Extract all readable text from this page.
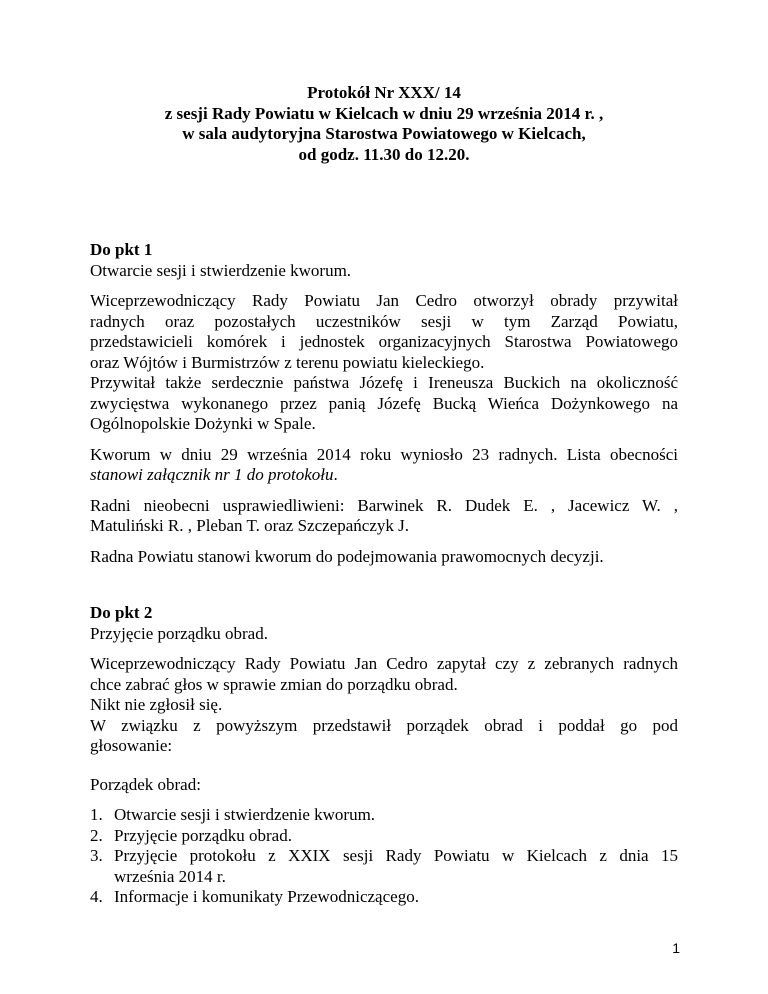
Protokół Nr XXX/ 14
z sesji Rady Powiatu w Kielcach w dniu 29 września 2014 r. ,
w sala audytoryjna Starostwa Powiatowego w Kielcach,
od godz. 11.30 do 12.20.
Do pkt 1
Otwarcie sesji i stwierdzenie kworum.

Wiceprzewodniczący Rady Powiatu Jan Cedro otworzył obrady przywitał
radnych oraz pozostałych uczestników sesji w tym Zarząd Powiatu,
przedstawicieli komórek i jednostek organizacyjnych Starostwa Powiatowego
oraz Wójtów i Burmistrzów z terenu powiatu kieleckiego.
Przywitał także serdecznie państwa Józefę i Ireneusza Buckich na okoliczność
zwycięstwa wykonanego przez panią Józefę Bucką Wieńca Dożynkowego na
Ogólnopolskie Dożynki w Spale.

Kworum w dniu 29 września 2014 roku wyniosło 23 radnych. Lista obecności
stanowi załącznik nr 1 do protokołu.

Radni nieobecni usprawiedliwieni: Barwinek R. Dudek E. , Jacewicz W. ,
Matuliński R. , Pleban T. oraz Szczepańczyk J.

Radna Powiatu stanowi kworum do podejmowania prawomocnych decyzji.

Do pkt 2
Przyjęcie porządku obrad.

Wiceprzewodniczący Rady Powiatu Jan Cedro zapytał czy z zebranych radnych
chce zabrać głos w sprawie zmian do porządku obrad.
Nikt nie zgłosił się.
W związku z powyższym przedstawił porządek obrad i poddał go pod
głosowanie:

Porządek obrad:

1. Otwarcie sesji i stwierdzenie kworum.
2. Przyjęcie porządku obrad.
3. Przyjęcie protokołu z XXIX sesji Rady Powiatu w Kielcach z dnia 15
września 2014 r.
4. Informacje i komunikaty Przewodniczącego.
1
